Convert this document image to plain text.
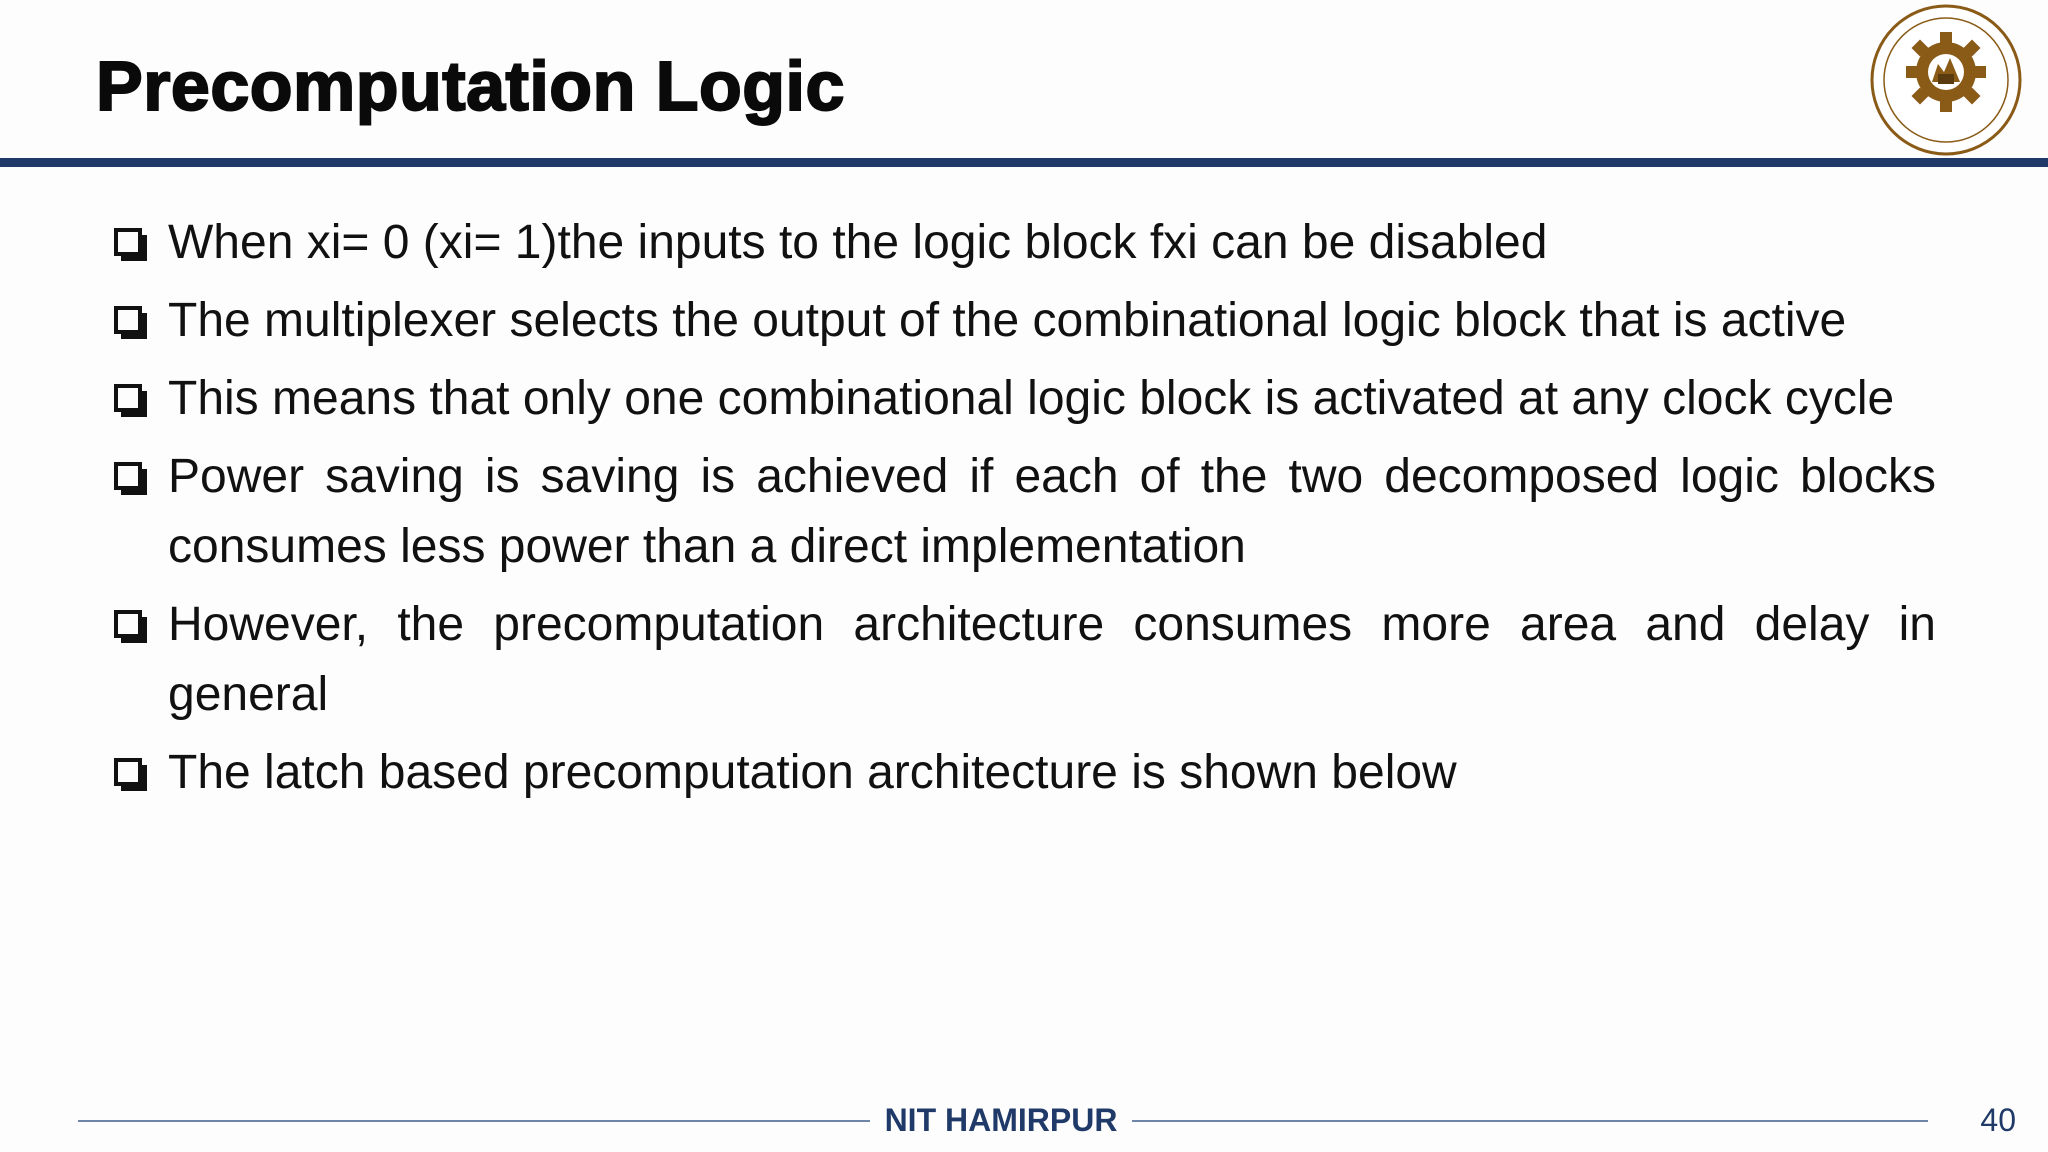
Precomputation Logic
When xi= 0 (xi= 1)the inputs to the logic block fxi can be disabled
The multiplexer selects the output of the combinational logic block that is active
This means that only one combinational logic block is activated at any clock cycle
Power saving is saving is achieved if each of the two decomposed logic blocks consumes less power than a direct implementation
However, the precomputation architecture consumes more area and delay in general
The latch based precomputation architecture is shown below
NIT HAMIRPUR	40
